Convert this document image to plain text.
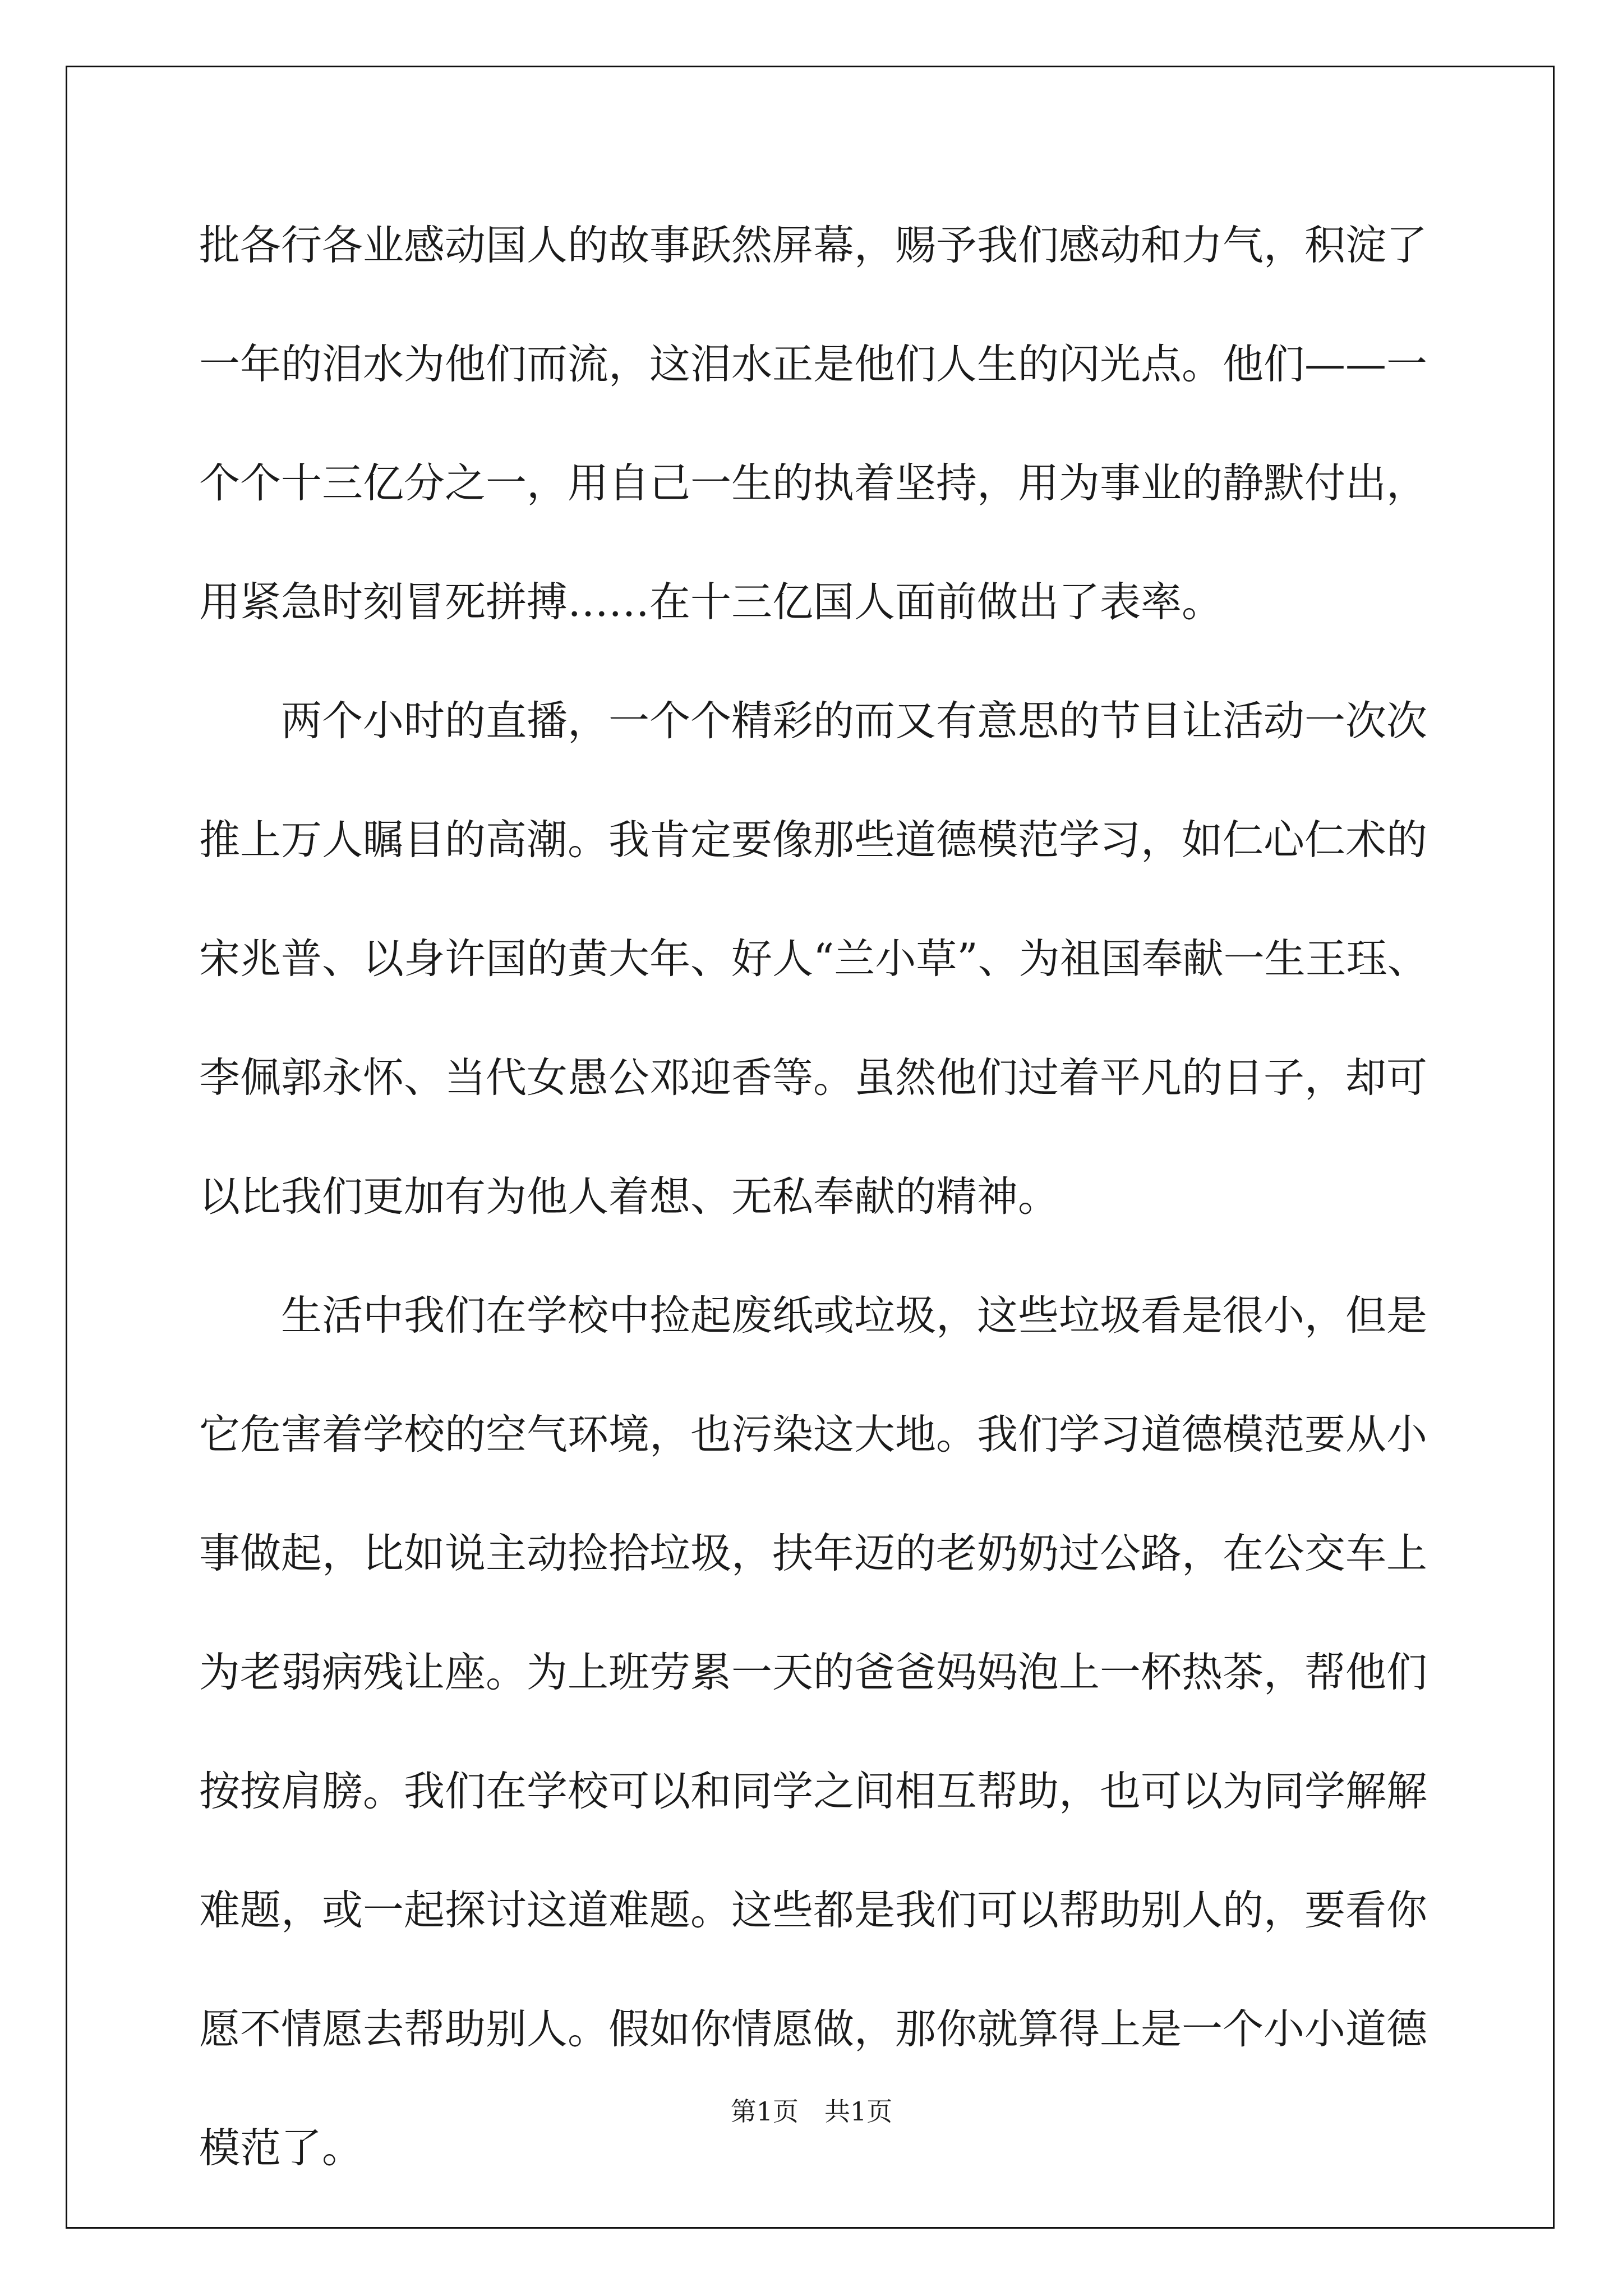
批各行各业感动国人的故事跃然屏幕，赐予我们感动和力气，积淀了
一年的泪水为他们而流，这泪水正是他们人生的闪光点。他们——一
个个十三亿分之一，用自己一生的执着坚持，用为事业的静默付出，
用紧急时刻冒死拼搏……在十三亿国人面前做出了表率。
　　两个小时的直播，一个个精彩的而又有意思的节目让活动一次次
推上万人瞩目的高潮。我肯定要像那些道德模范学习，如仁心仁术的
宋兆普、以身许国的黄大年、好人“兰小草”、为祖国奉献一生王珏、
李佩郭永怀、当代女愚公邓迎香等。虽然他们过着平凡的日子，却可
以比我们更加有为他人着想、无私奉献的精神。
　　生活中我们在学校中捡起废纸或垃圾，这些垃圾看是很小，但是
它危害着学校的空气环境，也污染这大地。我们学习道德模范要从小
事做起，比如说主动捡拾垃圾，扶年迈的老奶奶过公路，在公交车上
为老弱病残让座。为上班劳累一天的爸爸妈妈泡上一杯热茶，帮他们
按按肩膀。我们在学校可以和同学之间相互帮助，也可以为同学解解
难题，或一起探讨这道难题。这些都是我们可以帮助别人的，要看你
愿不情愿去帮助别人。假如你情愿做，那你就算得上是一个小小道德
模范了。
第1页　共1页
